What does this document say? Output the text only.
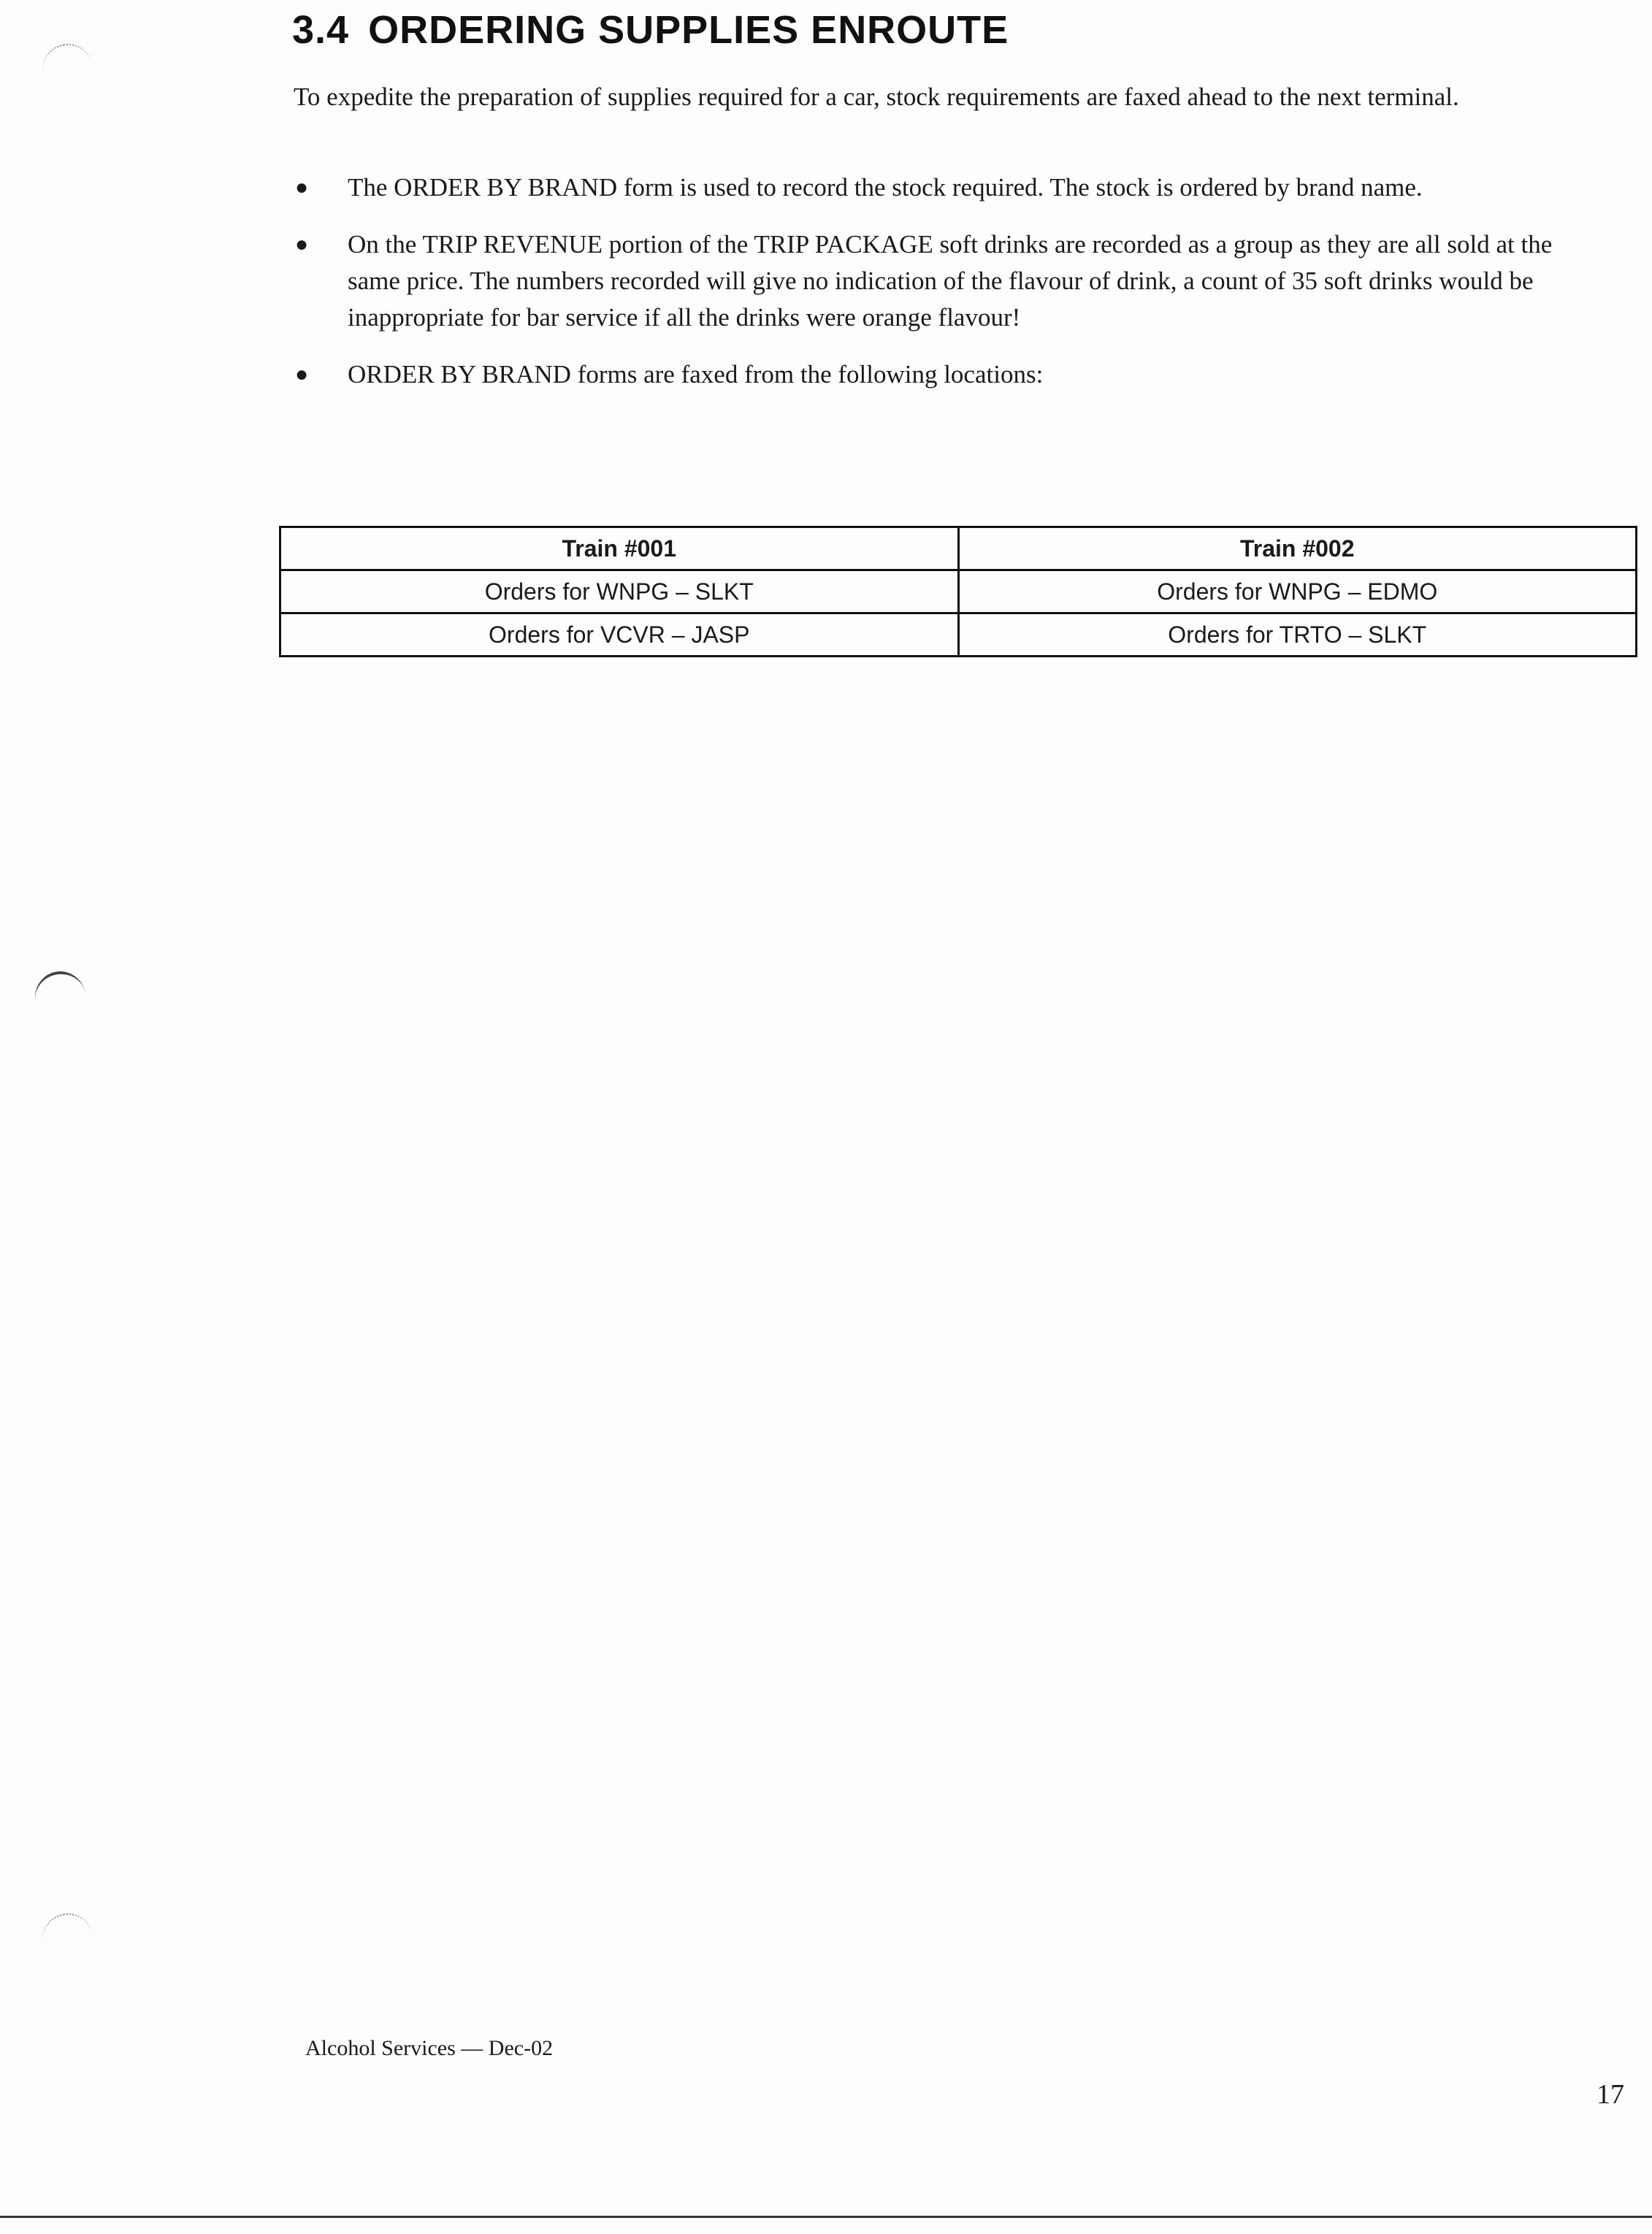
3.4 ORDERING SUPPLIES ENROUTE

To expedite the preparation of supplies required for a car, stock requirements are faxed ahead to the next terminal.

● The ORDER BY BRAND form is used to record the stock required. The stock is ordered by brand name.
● On the TRIP REVENUE portion of the TRIP PACKAGE soft drinks are recorded as a group as they are all sold at the same price. The numbers recorded will give no indication of the flavour of drink, a count of 35 soft drinks would be inappropriate for bar service if all the drinks were orange flavour!
● ORDER BY BRAND forms are faxed from the following locations:
Train #001	Train #002
Orders for WNPG – SLKT	Orders for WNPG – EDMO
Orders for VCVR – JASP	Orders for TRTO – SLKT
Alcohol Services — Dec-02
17
